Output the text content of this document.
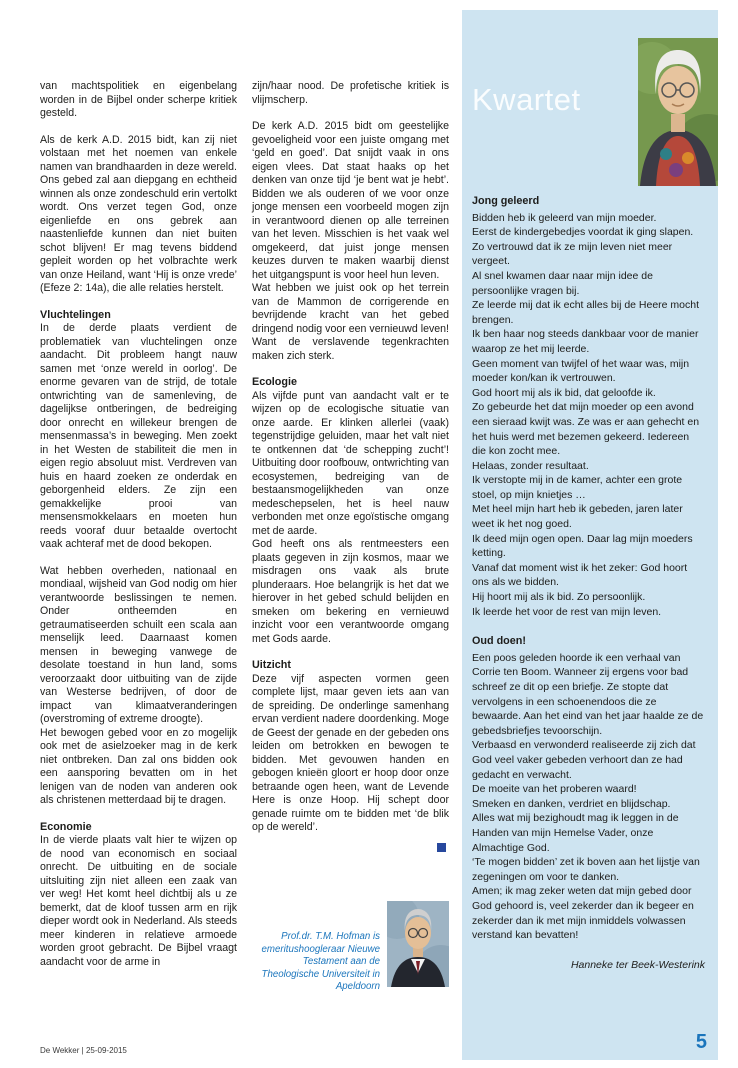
van machtspolitiek en eigenbelang worden in de Bijbel onder scherpe kritiek gesteld.

Als de kerk A.D. 2015 bidt, kan zij niet volstaan met het noemen van enkele namen van brandhaarden in deze wereld. Ons gebed zal aan diepgang en echtheid winnen als onze zondeschuld erin vertolkt wordt. Ons verzet tegen God, onze eigenliefde en ons gebrek aan naastenliefde kunnen dan niet buiten schot blijven! Er mag tevens biddend gepleit worden op het volbrachte werk van onze Heiland, want ‘Hij is onze vrede’ (Efeze 2: 14a), die alle relaties herstelt.

Vluchtelingen

In de derde plaats verdient de problematiek van vluchtelingen onze aandacht. Dit probleem hangt nauw samen met ‘onze wereld in oorlog’. De enorme gevaren van de strijd, de totale ontwrichting van de samenleving, de dagelijkse ontberingen, de bedreiging door onrecht en willekeur brengen de mensenmassa’s in beweging. Men zoekt in het Westen de stabiliteit die men in eigen regio absoluut mist. Verdreven van huis en haard zoeken ze onderdak en geborgenheid elders. Ze zijn een gemakkelijke prooi van mensensmokkelaars en moeten hun reeds vooraf duur betaalde overtocht vaak achteraf met de dood bekopen.

Wat hebben overheden, nationaal en mondiaal, wijsheid van God nodig om hier verantwoorde beslissingen te nemen. Onder ontheemden en getraumatiseerden schuilt een scala aan menselijk leed. Daarnaast komen mensen in beweging vanwege de desolate toestand in hun land, soms veroorzaakt door uitbuiting van de zijde van Westerse bedrijven, of door de impact van klimaatveranderingen (overstroming of extreme droogte).

Het bewogen gebed voor en zo mogelijk ook met de asielzoeker mag in de kerk niet ontbreken. Dan zal ons bidden ook een aansporing bevatten om in het lenigen van de noden van anderen ook als christenen metterdaad bij te dragen.

Economie

In de vierde plaats valt hier te wijzen op de nood van economisch en sociaal onrecht. De uitbuiting en de sociale uitsluiting zijn niet alleen een zaak van ver weg! Het komt heel dichtbij als u ze bemerkt, dat de kloof tussen arm en rijk dieper wordt ook in Nederland. Als steeds meer kinderen in relatieve armoede worden groot gebracht. De Bijbel vraagt aandacht voor de arme in

zijn/haar nood. De profetische kritiek is vlijmscherp.

De kerk A.D. 2015 bidt om geestelijke gevoeligheid voor een juiste omgang met ‘geld en goed’. Dat snijdt vaak in ons eigen vlees. Dat staat haaks op het denken van onze tijd ‘je bent wat je hebt’. Bidden we als ouderen of we voor onze jonge mensen een voorbeeld mogen zijn in verantwoord dienen op alle terreinen van het leven. Misschien is het vaak wel omgekeerd, dat juist jonge mensen keuzes durven te maken waarbij dienst het uitgangspunt is voor heel hun leven.

Wat hebben we juist ook op het terrein van de Mammon de corrigerende en bevrijdende kracht van het gebed dringend nodig voor een vernieuwd leven! Want de verslavende tegenkrachten maken zich sterk.

Ecologie

Als vijfde punt van aandacht valt er te wijzen op de ecologische situatie van onze aarde. Er klinken allerlei (vaak) tegenstrijdige geluiden, maar het valt niet te ontkennen dat ‘de schepping zucht’! Uitbuiting door roofbouw, ontwrichting van ecosystemen, bedreiging van de bestaansmogelijkheden van onze medeschepselen, het is heel nauw verbonden met onze egoïstische omgang met de aarde.

God heeft ons als rentmeesters een plaats gegeven in zijn kosmos, maar we misdragen ons vaak als brute plunderaars. Hoe belangrijk is het dat we hierover in het gebed schuld belijden en smeken om bekering en vernieuwd inzicht voor een verantwoorde omgang met Gods aarde.

Uitzicht

Deze vijf aspecten vormen geen complete lijst, maar geven iets aan van de spreiding. De onderlinge samenhang ervan verdient nadere doordenking. Moge de Geest der genade en der gebeden ons leiden om betrokken en bewogen te bidden. Met gevouwen handen en gebogen knieën gloort er hoop door onze betraande ogen heen, want de Levende Here is onze Hoop. Hij schept door genade ruimte om te bidden met ‘de blik op de wereld’.

Prof.dr. T.M. Hofman is emeritushoogleraar Nieuwe Testament aan de Theologische Universiteit in Apeldoorn
Kwartet
Jong geleerd
Bidden heb ik geleerd van mijn moeder.
Eerst de kindergebedjes voordat ik ging slapen. Zo vertrouwd dat ik ze mijn leven niet meer vergeet.
Al snel kwamen daar naar mijn idee de persoonlijke vragen bij.
Ze leerde mij dat ik echt alles bij de Heere mocht brengen.
Ik ben haar nog steeds dankbaar voor de manier waarop ze het mij leerde.
Geen moment van twijfel of het waar was, mijn moeder kon/kan ik vertrouwen.
God hoort mij als ik bid, dat geloofde ik.
Zo gebeurde het dat mijn moeder op een avond een sieraad kwijt was. Ze was er aan gehecht en het huis werd met bezemen gekeerd. Iedereen die kon zocht mee.
Helaas, zonder resultaat.
Ik verstopte mij in de kamer, achter een grote stoel, op mijn knietjes …
Met heel mijn hart heb ik gebeden, jaren later weet ik het nog goed.
Ik deed mijn ogen open. Daar lag mijn moeders ketting.
Vanaf dat moment wist ik het zeker: God hoort ons als we bidden.
Hij hoort mij als ik bid. Zo persoonlijk.
Ik leerde het voor de rest van mijn leven.
Oud doen!
Een poos geleden hoorde ik een verhaal van Corrie ten Boom. Wanneer zij ergens voor bad schreef ze dit op een briefje. Ze stopte dat vervolgens in een schoenendoos die ze bewaarde. Aan het eind van het jaar haalde ze de gebedsbriefjes tevoorschijn.
Verbaasd en verwonderd realiseerde zij zich dat God veel vaker gebeden verhoort dan ze had gedacht en verwacht.
De moeite van het proberen waard!
Smeken en danken, verdriet en blijdschap.
Alles wat mij bezighoudt mag ik leggen in de Handen van mijn Hemelse Vader, onze Almachtige God.
‘Te mogen bidden’ zet ik boven aan het lijstje van zegeningen om voor te danken.
Amen; ik mag zeker weten dat mijn gebed door God gehoord is, veel zekerder dan ik begeer en zekerder dan ik met mijn inmiddels volwassen verstand kan bevatten!
Hanneke ter Beek-Westerink
5
De Wekker | 25-09-2015
